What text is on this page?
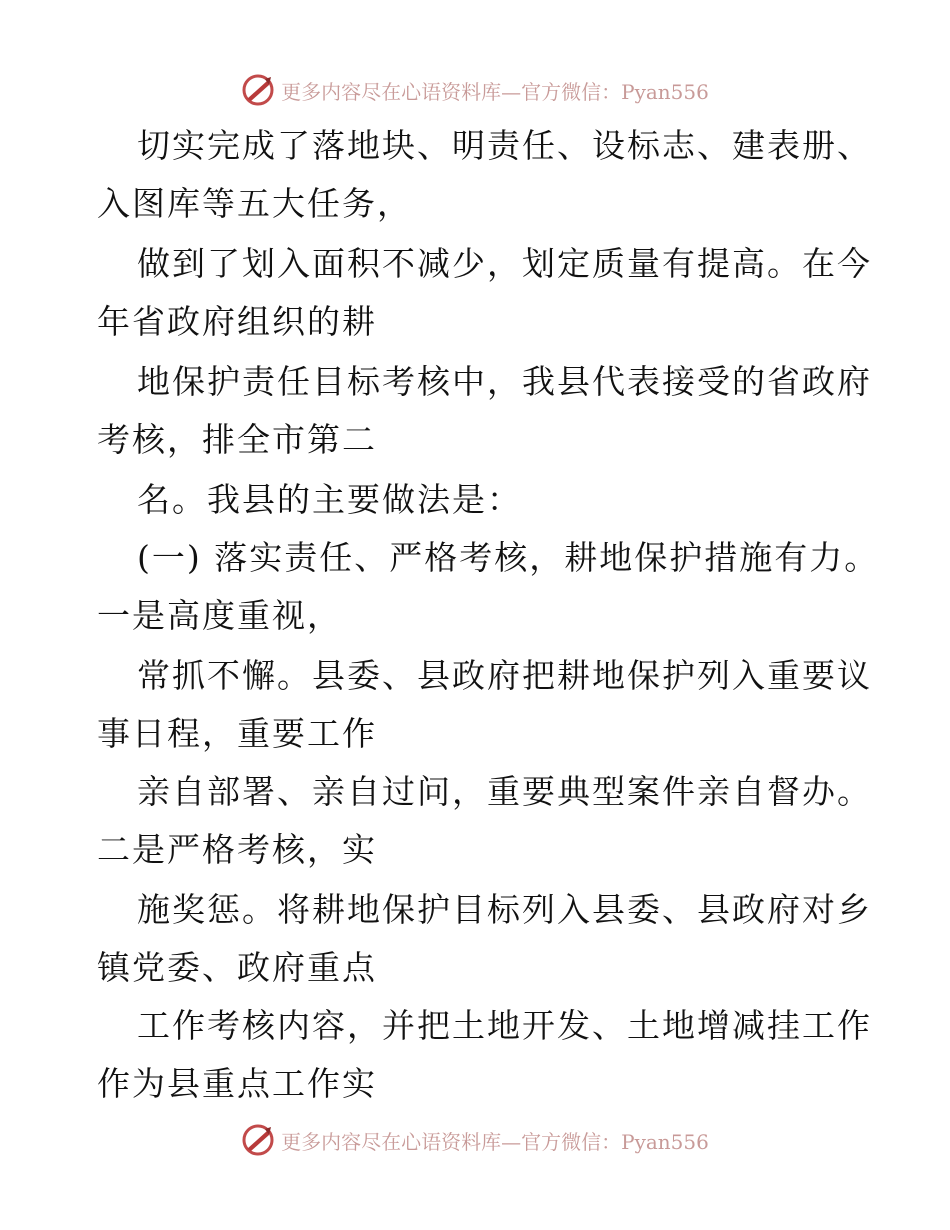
更多内容尽在心语资料库—官方微信：Pyan556
切实完成了落地块、明责任、设标志、建表册、
入图库等五大任务，
做到了划入面积不减少，划定质量有提高。在今
年省政府组织的耕
地保护责任目标考核中，我县代表接受的省政府
考核，排全市第二
名。我县的主要做法是：
(一) 落实责任、严格考核，耕地保护措施有力。
一是高度重视，
常抓不懈。县委、县政府把耕地保护列入重要议
事日程，重要工作
亲自部署、亲自过问，重要典型案件亲自督办。
二是严格考核，实
施奖惩。将耕地保护目标列入县委、县政府对乡
镇党委、政府重点
工作考核内容，并把土地开发、土地增减挂工作
作为县重点工作实
更多内容尽在心语资料库—官方微信：Pyan556
